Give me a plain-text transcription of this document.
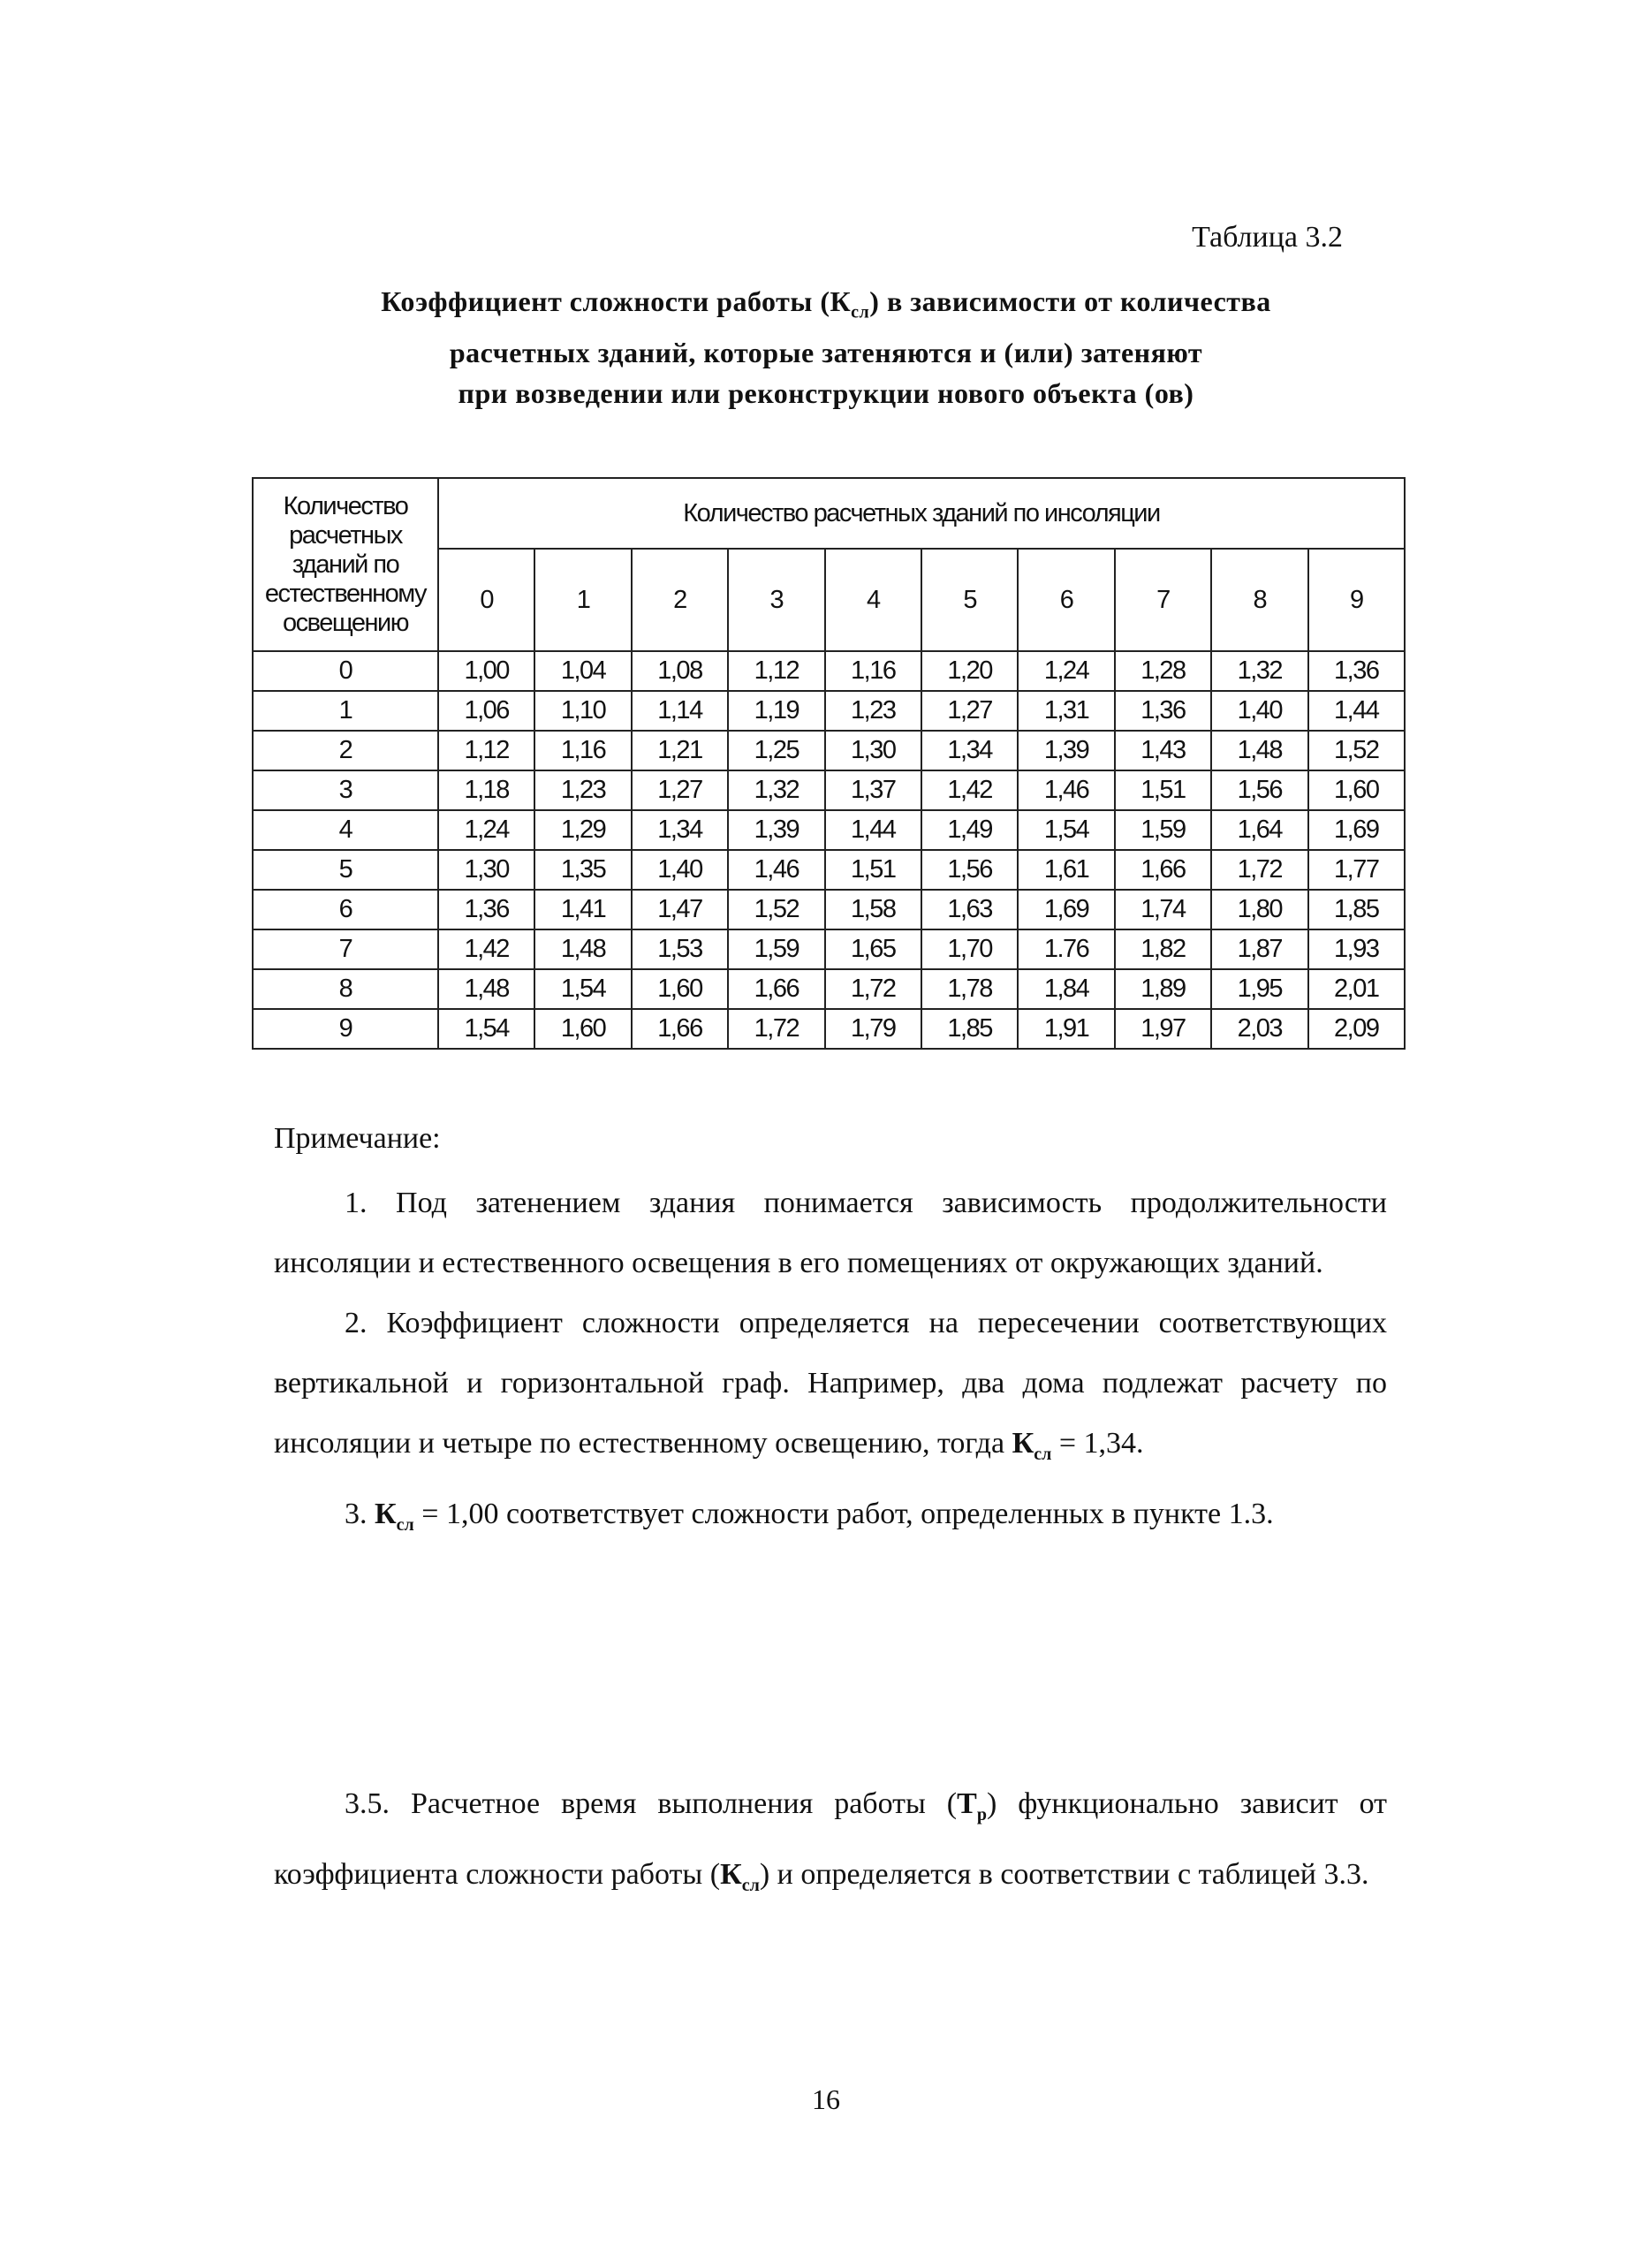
Таблица 3.2
Коэффициент сложности работы $(К_{сл})$ в зависимости от количества
расчетных зданий, которые затеняются и (или) затеняют
при возведении или реконструкции нового объекта (ов)
Количество расчетных зданий по естественному освещению	Количество расчетных зданий по инсоляции									
	0	1	2	3	4	5	6	7	8	9
0	1,00	1,04	1,08	1,12	1,16	1,20	1,24	1,28	1,32	1,36
1	1,06	1,10	1,14	1,19	1,23	1,27	1,31	1,36	1,40	1,44
2	1,12	1,16	1,21	1,25	1,30	1,34	1,39	1,43	1,48	1,52
3	1,18	1,23	1,27	1,32	1,37	1,42	1,46	1,51	1,56	1,60
4	1,24	1,29	1,34	1,39	1,44	1,49	1,54	1,59	1,64	1,69
5	1,30	1,35	1,40	1,46	1,51	1,56	1,61	1,66	1,72	1,77
6	1,36	1,41	1,47	1,52	1,58	1,63	1,69	1,74	1,80	1,85
7	1,42	1,48	1,53	1,59	1,65	1,70	1.76	1,82	1,87	1,93
8	1,48	1,54	1,60	1,66	1,72	1,78	1,84	1,89	1,95	2,01
9	1,54	1,60	1,66	1,72	1,79	1,85	1,91	1,97	2,03	2,09
Примечание:

1. Под затенением здания понимается зависимость продолжительности инсоляции и естественного освещения в его помещениях от окружающих зданий.

2. Коэффициент сложности определяется на пересечении соответствующих вертикальной и горизонтальной граф. Например, два дома подлежат расчету по инсоляции и четыре по естественному освещению, тогда $К_{сл} = 1,34$.

3. $К_{сл} = 1,00$ соответствует сложности работ, определенных в пункте 1.3.

3.5. Расчетное время выполнения работы $(Т_р)$ функционально зависит от коэффициента сложности работы $(К_{сл})$ и определяется в соответствии с таблицей 3.3.

16
